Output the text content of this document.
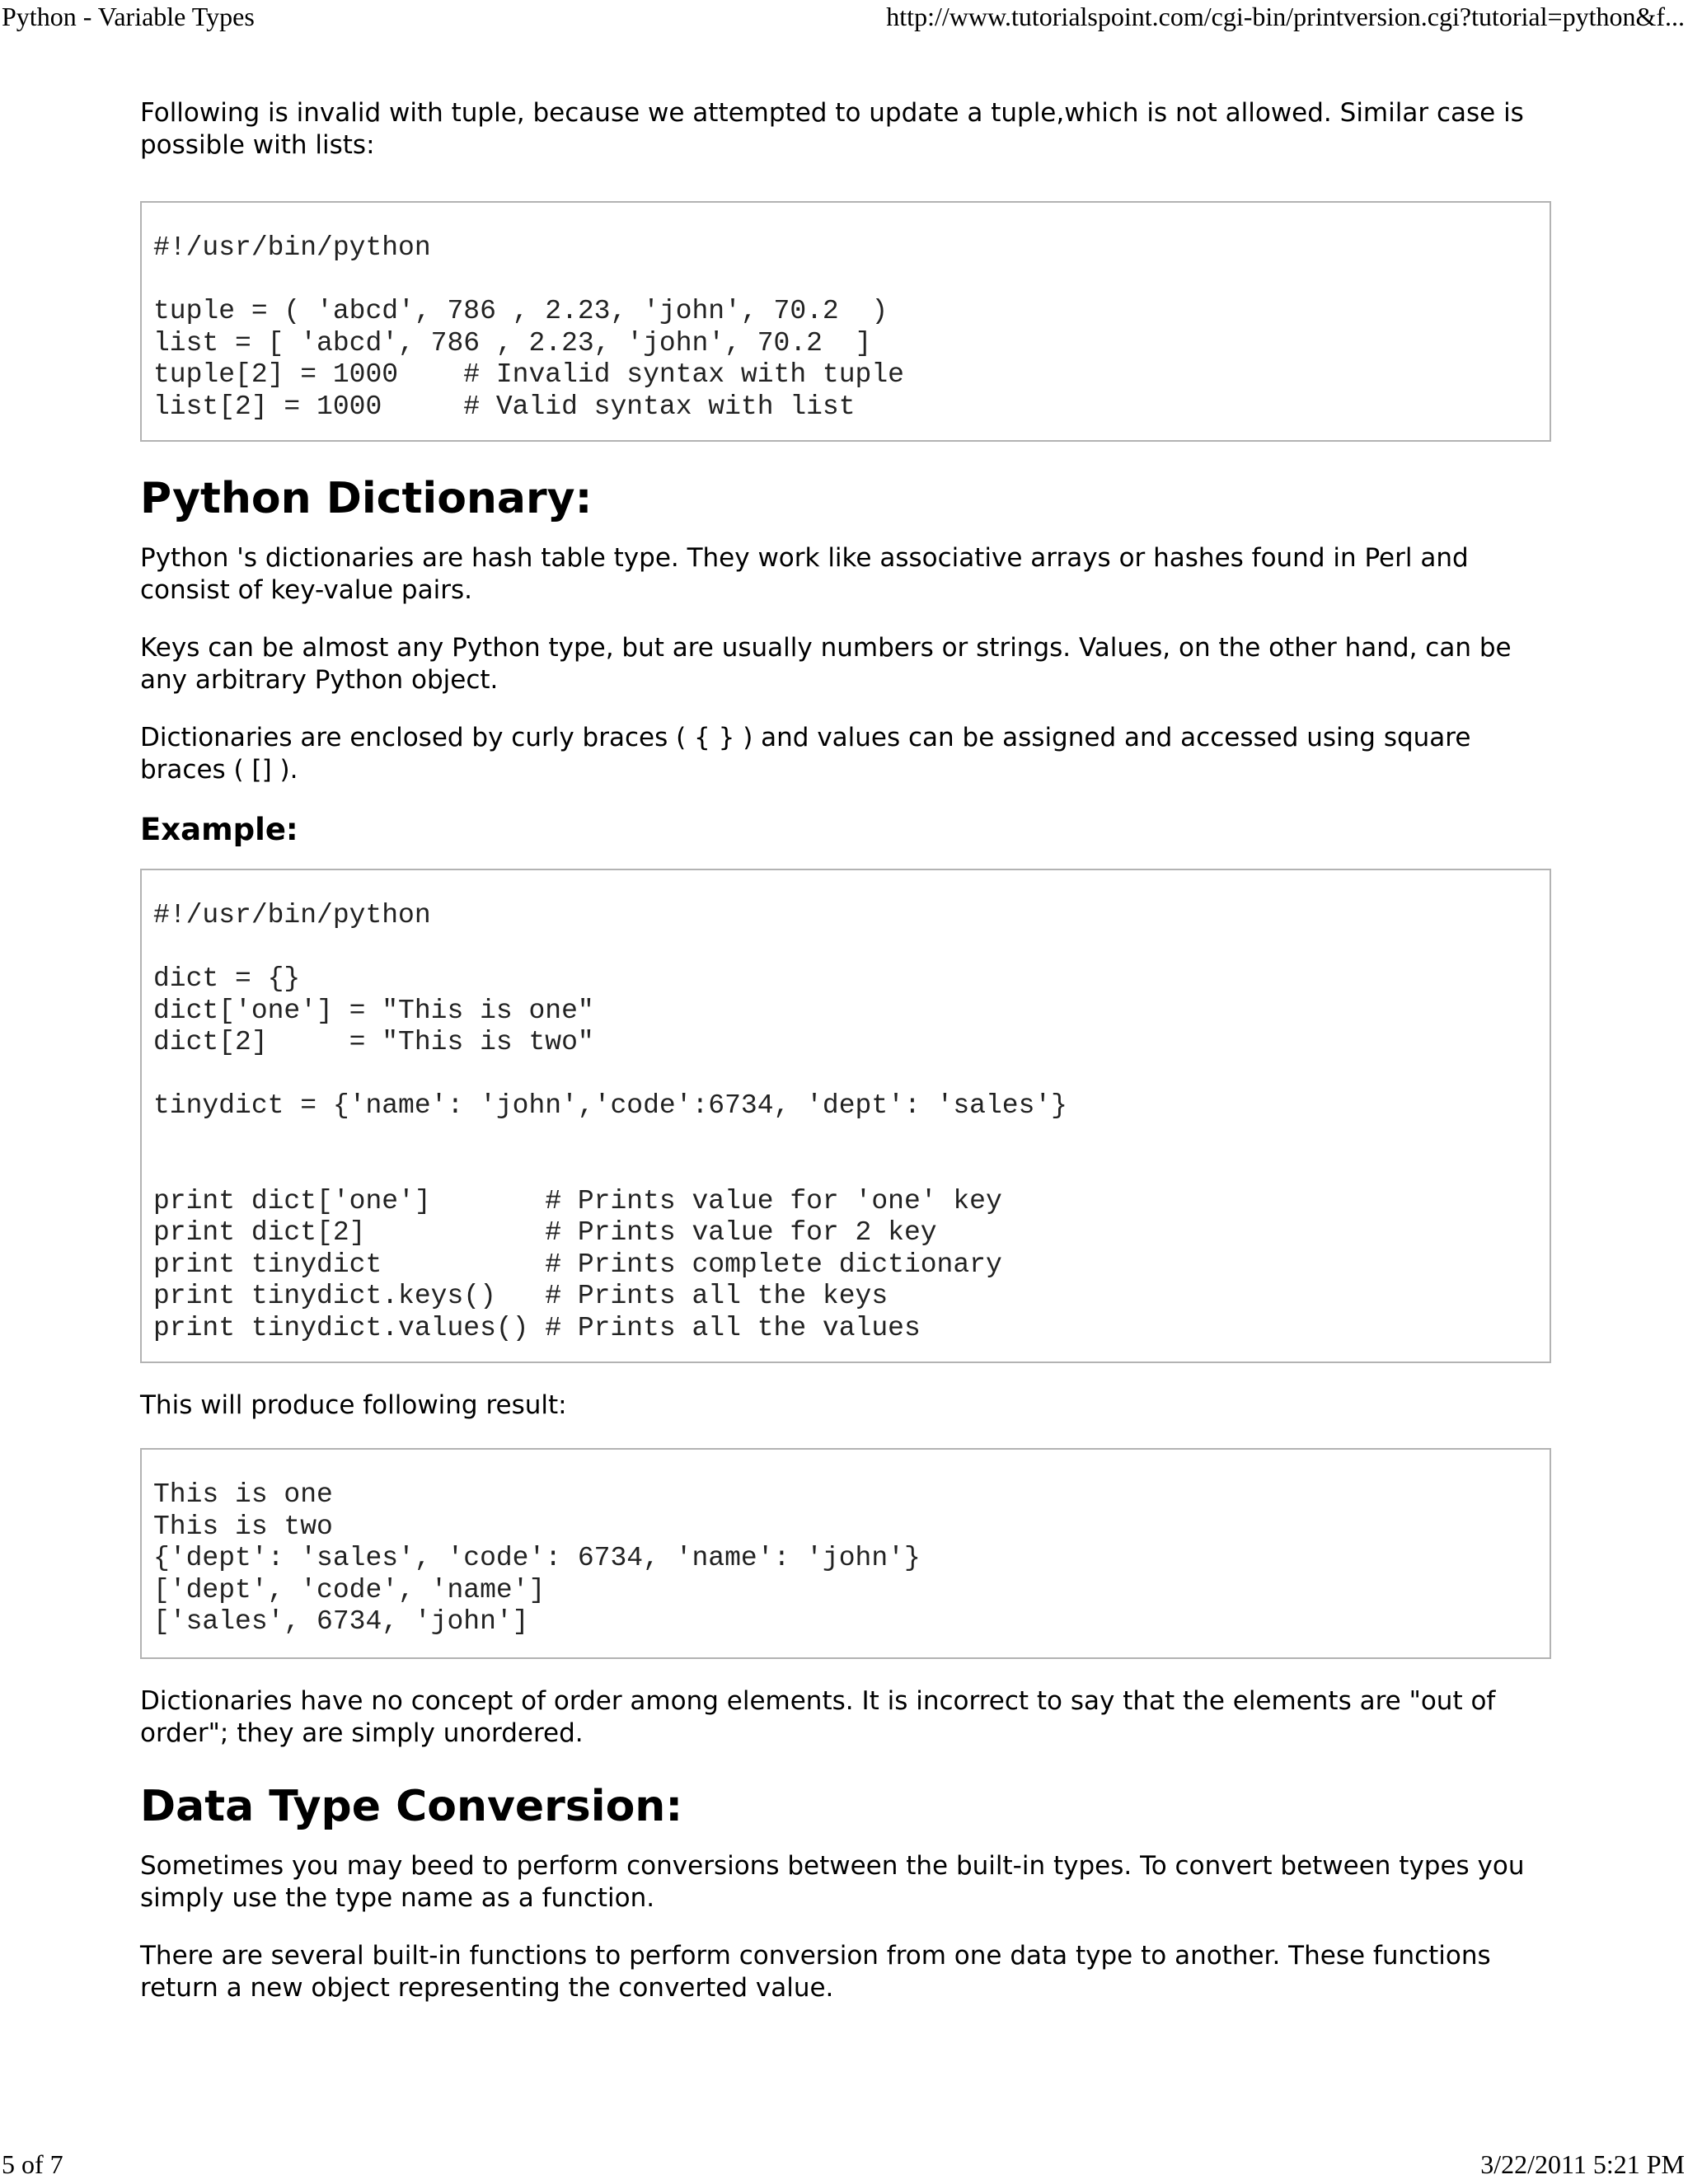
Python - Variable Types	http://www.tutorialspoint.com/cgi-bin/printversion.cgi?tutorial=python&f...

Following is invalid with tuple, because we attempted to update a tuple,which is not allowed. Similar case is possible with lists:

#!/usr/bin/python

tuple = ( 'abcd', 786 , 2.23, 'john', 70.2  )
list = [ 'abcd', 786 , 2.23, 'john', 70.2  ]
tuple[2] = 1000    # Invalid syntax with tuple
list[2] = 1000     # Valid syntax with list
Python Dictionary:

Python 's dictionaries are hash table type. They work like associative arrays or hashes found in Perl and consist of key-value pairs.

Keys can be almost any Python type, but are usually numbers or strings. Values, on the other hand, can be any arbitrary Python object.

Dictionaries are enclosed by curly braces ( { } ) and values can be assigned and accessed using square braces ( [] ).

Example:
#!/usr/bin/python

dict = {}
dict['one'] = "This is one"
dict[2]     = "This is two"

tinydict = {'name': 'john','code':6734, 'dept': 'sales'}

print dict['one']       # Prints value for 'one' key
print dict[2]           # Prints value for 2 key
print tinydict          # Prints complete dictionary
print tinydict.keys()   # Prints all the keys
print tinydict.values() # Prints all the values

This will produce following result:

This is one
This is two
{'dept': 'sales', 'code': 6734, 'name': 'john'}
['dept', 'code', 'name']
['sales', 6734, 'john']

Dictionaries have no concept of order among elements. It is incorrect to say that the elements are "out of order"; they are simply unordered.

Data Type Conversion:

Sometimes you may beed to perform conversions between the built-in types. To convert between types you simply use the type name as a function.

There are several built-in functions to perform conversion from one data type to another. These functions return a new object representing the converted value.

5 of 7	3/22/2011 5:21 PM
